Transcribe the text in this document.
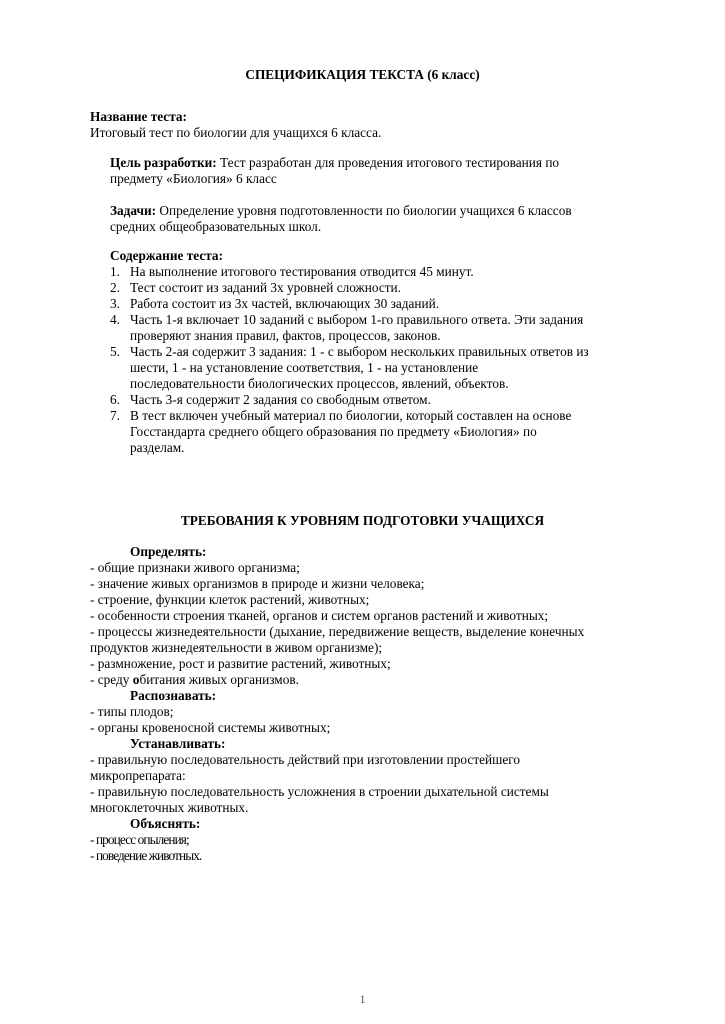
СПЕЦИФИКАЦИЯ ТЕКСТА (6 класс)
Название теста:
Итоговый тест по биологии для учащихся 6 класса.
Цель разработки: Тест разработан для проведения итогового тестирования по
предмету «Биология» 6 класс
Задачи: Определение уровня подготовленности по биологии учащихся 6 классов
средних общеобразовательных школ.
Содержание теста:
1. На выполнение итогового тестирования отводится 45 минут.
2. Тест состоит из заданий 3х уровней сложности.
3. Работа состоит из 3х частей, включающих 30 заданий.
4. Часть 1-я включает 10 заданий с выбором 1-го правильного ответа. Эти задания
проверяют знания правил, фактов, процессов, законов.
5. Часть 2-ая содержит 3 задания: 1 - с выбором нескольких правильных ответов из
шести, 1 - на установление соответствия, 1 - на установление
последовательности биологических процессов, явлений, объектов.
6. Часть 3-я содержит 2 задания со свободным ответом.
7. В тест включен учебный материал по биологии, который составлен на основе
Госстандарта среднего общего образования по предмету «Биология» по
разделам.
ТРЕБОВАНИЯ К УРОВНЯМ ПОДГОТОВКИ УЧАЩИХСЯ
Определять:
- общие признаки живого организма;
- значение живых организмов в природе и жизни человека;
- строение, функции клеток растений, животных;
- особенности строения тканей, органов и систем органов растений и животных;
- процессы жизнедеятельности (дыхание, передвижение веществ, выделение конечных
продуктов жизнедеятельности в живом организме);
- размножение, рост и развитие растений, животных;
- среду обитания живых организмов.
Распознавать:
- типы плодов;
- органы кровеносной системы животных;
Устанавливать:
- правильную последовательность действий при изготовлении простейшего
микропрепарата:
- правильную последовательность усложнения в строении дыхательной системы
многоклеточных животных.
Объяснять:
- процесс опыления;
- поведение животных.
1
